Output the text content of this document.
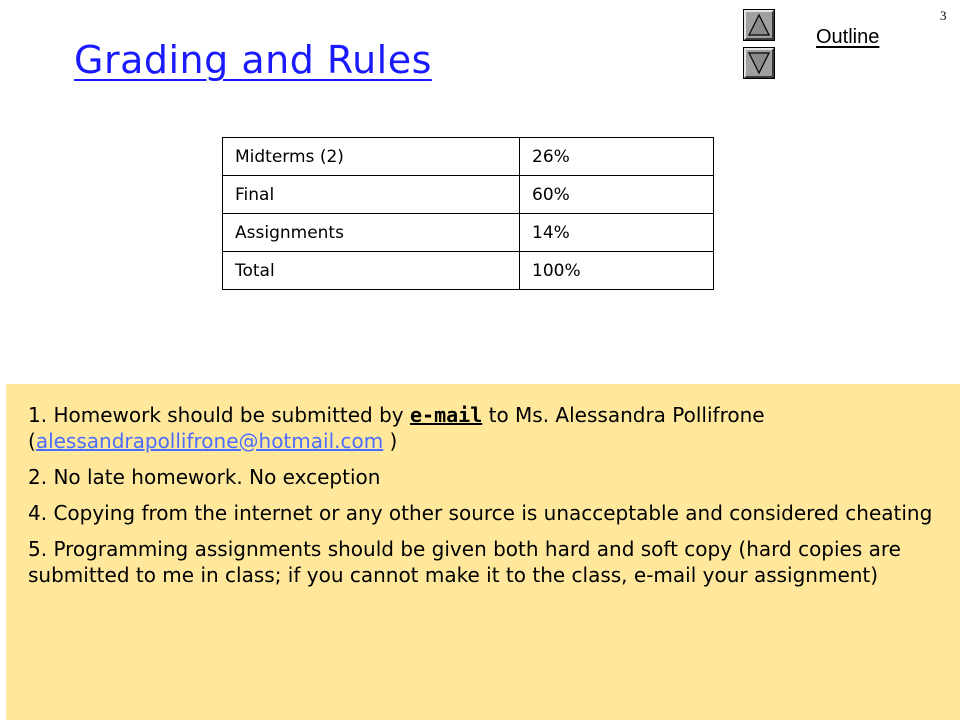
3
Grading and Rules
Outline
Midterms (2)	26%
Final	60%
Assignments	14%
Total	100%

1. Homework should be submitted by e-mail to Ms. Alessandra Pollifrone (alessandrapollifrone@hotmail.com )

2. No late homework. No exception

4. Copying from the internet or any other source is unacceptable and considered cheating

5. Programming assignments should be given both hard and soft copy (hard copies are submitted to me in class; if you cannot make it to the class, e-mail your assignment)
